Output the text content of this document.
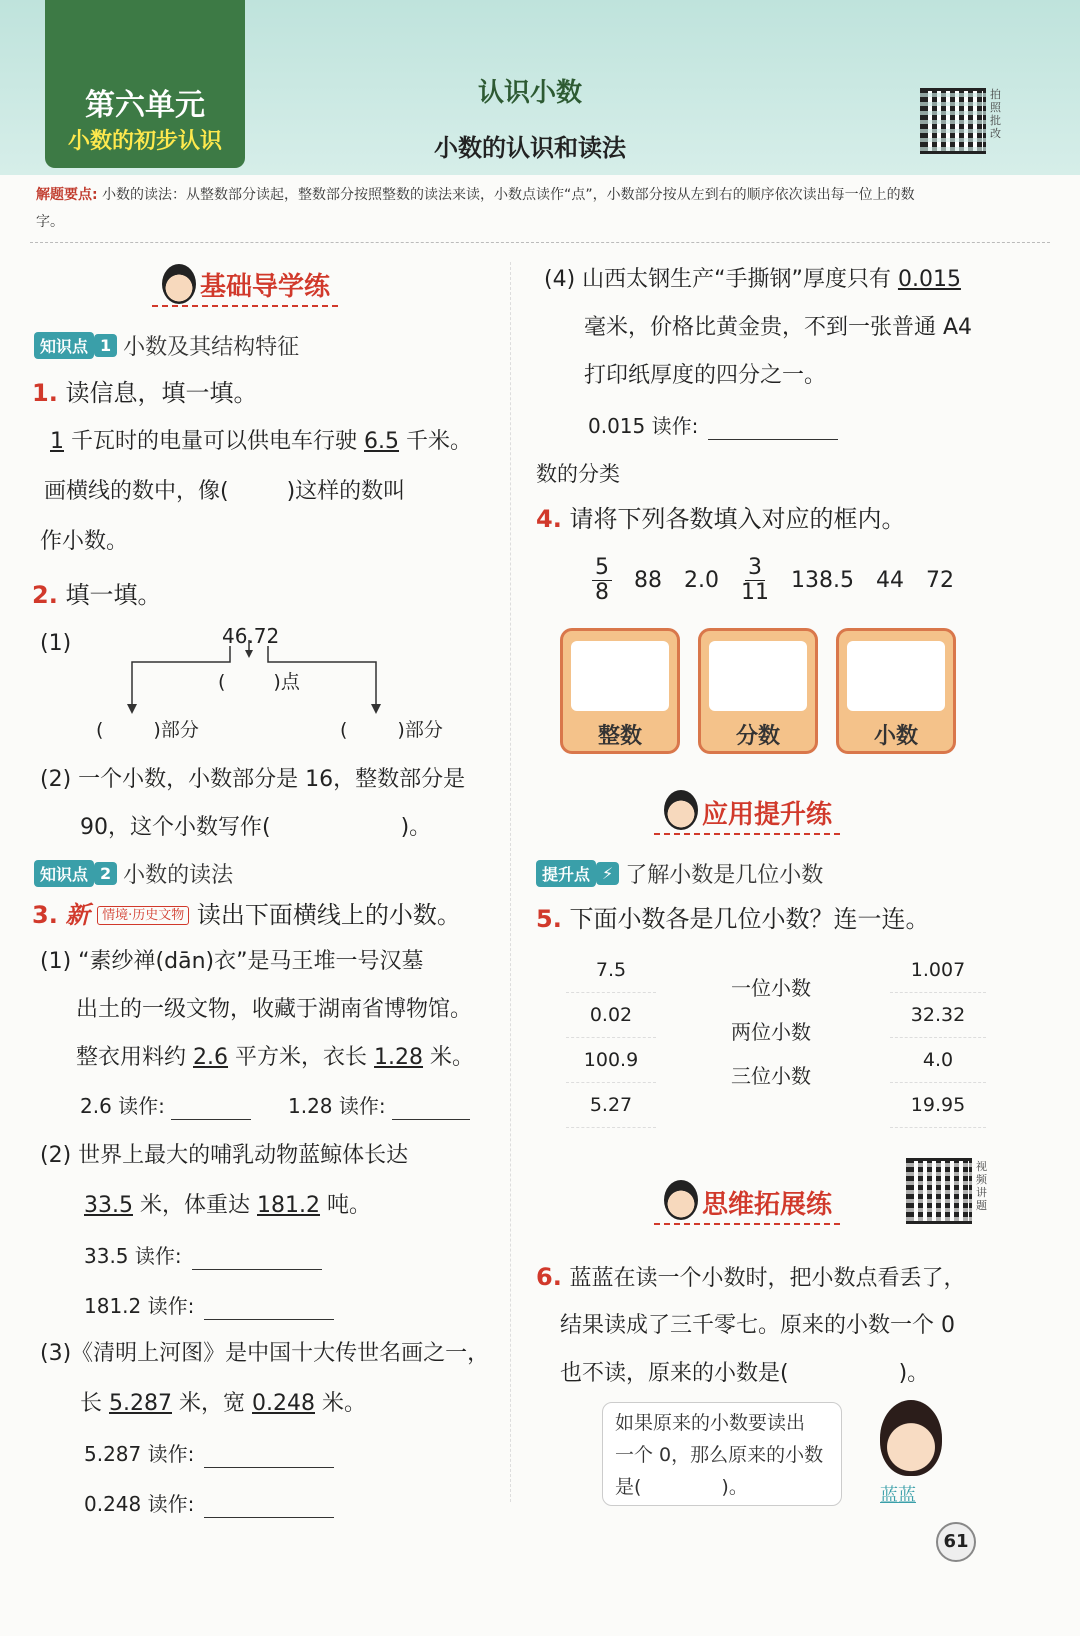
第六单元
小数的初步认识
认识小数
小数的认识和读法
拍照批改
解题要点: 小数的读法：从整数部分读起，整数部分按照整数的读法来读，小数点读作“点”，小数部分按从左到右的顺序依次读出每一位上的数字。
基础导学练
知识点 1 小数及其结构特征
1. 读信息，填一填。
1 千瓦时的电量可以供电车行驶 6.5 千米。
画横线的数中，像(	)这样的数叫
作小数。
2. 填一填。
(1)	46.72
(	)点
(	)部分	(	)部分
(2) 一个小数，小数部分是 16，整数部分是
90，这个小数写作(	)。
知识点 2 小数的读法
3. 新 情境·历史文物 读出下面横线上的小数。
(1) “素纱禅(dān)衣”是马王堆一号汉墓
出土的一级文物，收藏于湖南省博物馆。
整衣用料约 2.6 平方米，衣长 1.28 米。
2.6 读作:	1.28 读作:
(2) 世界上最大的哺乳动物蓝鲸体长达
33.5 米，体重达 181.2 吨。
33.5 读作:
181.2 读作:
(3)《清明上河图》是中国十大传世名画之一，
长 5.287 米，宽 0.248 米。
5.287 读作:
0.248 读作:
(4) 山西太钢生产“手撕钢”厚度只有 0.015
毫米，价格比黄金贵，不到一张普通 A4
打印纸厚度的四分之一。
0.015 读作:
数的分类
4. 请将下列各数填入对应的框内。
$\frac{5}{8} 88$ $2.0 \frac{3}{11} 138.5$ 44 72
整数	分数	小数
应用提升练
提升点 ⚡ 了解小数是几位小数
5. 下面小数各是几位小数？连一连。
7.5
0.02
100.9
5.27
一位小数
两位小数
三位小数
1.007
32.32
4.0
19.95
视频讲题
思维拓展练
6. 蓝蓝在读一个小数时，把小数点看丢了，
结果读成了三千零七。原来的小数一个 0
也不读，原来的小数是(	)。
如果原来的小数要读出
一个 0，那么原来的小数
是(	)。	蓝蓝
61
